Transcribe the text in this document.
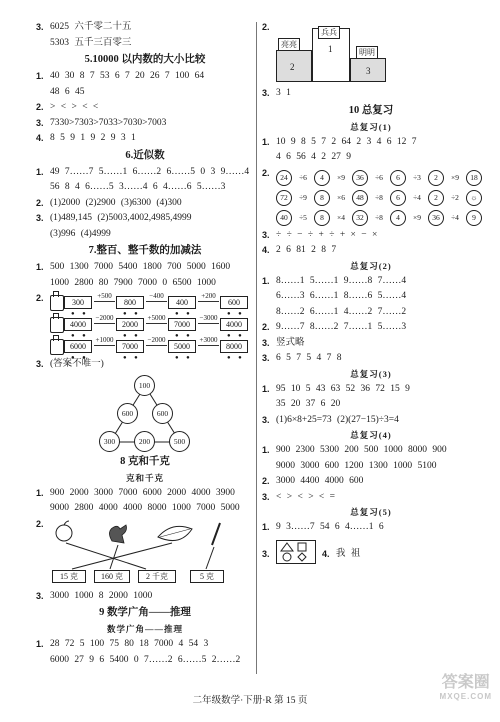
3. 6025 六千零二十五
5303 五千三百零三
5.10000 以内数的大小比较
1. 40 30 8 7 53 6 7 20 26 7 100 64
48 6 45
2. > < > < <
3. 7330>7303>7033>7030>7003
4. 8 5 9 1 9 2 9 3 1
6.近似数
1. 49 7……7 5……1 6……2 6……5 0 3 9……4
56 8 4 6……5 3……4 6 4……6 5……3
2. (1)2000 (2)2900 (3)6300 (4)300
3. (1)489,145 (2)5003,4002,4985,4999
(3)996 (4)4999
7.整百、整千数的加减法
1. 500 1300 7000 5400 1800 700 5000 1600
1000 2800 80 7900 7000 0 6500 1000
2.	300 ● ●
+500
800 ● ●
−400
400 ● ●
+200
600 ● ●
4000 ● ●
−2000
2000 ● ●
+5000
7000 ● ●
−3000
4000 ● ●
6000 ● ●
+1000
7000 ● ●
−2000
5000 ● ●
+3000
8000 ● ●
3. (答案不唯一)
100
600	600
300	200	500
8 克和千克
克和千克
1. 900 2000 3000 7000 6000 2000 4000 3900
9000 2800 4000 4000 8000 1000 7000 5000
2.
15 克	160 克	2 千克	5 克
3. 3000 1000 8 2000 1000
9 数学广角——推理
数学广角——推理
1. 28 72 5 100 75 80 18 7000 4 54 3
6000 27 9 6 5400 0 7……2 6……5 2……2
2.
兵兵
亮亮
明明
1
2	3
3. 3 1
10 总复习
总复习(1)
1. 10 9 8 5 7 2 64 2 3 4 6 12 7
4 6 56 4 2 27 9
2.	24	÷6	4	×9	36	÷6	6	÷3	2	×9	18
72	÷9	8	×6	48	÷8	6	÷4	2	÷2	☼
40	÷5	8	×4	32	÷8	4	×9	36	÷4	9
3. ÷ ÷ − ÷ + ÷ + × − ×
4. 2 6 81 2 8 7
总复习(2)
1. 8……1 5……1 9……8 7……4
6……3 6……1 8……6 5……4
8……2 6……1 4……2 7……2
2. 9……7 8……2 7……1 5……3
3. 竖式略
3. 6 5 7 5 4 7 8
总复习(3)
1. 95 10 5 43 63 52 36 72 15 9
35 20 37 6 20
3. (1)6×8+25=73 (2)(27−15)÷3=4
总复习(4)
1. 900 2300 5300 200 500 1000 8000 900
9000 3000 600 1200 1300 1000 5100
2. 3000 4400 4000 600
3. < > < > < =
总复习(5)
1. 9 3……7 54 6 4……1 6
3.	4. 我 祖
二年级数学·下册·R 第 15 页
答案圈
MXQE.COM
